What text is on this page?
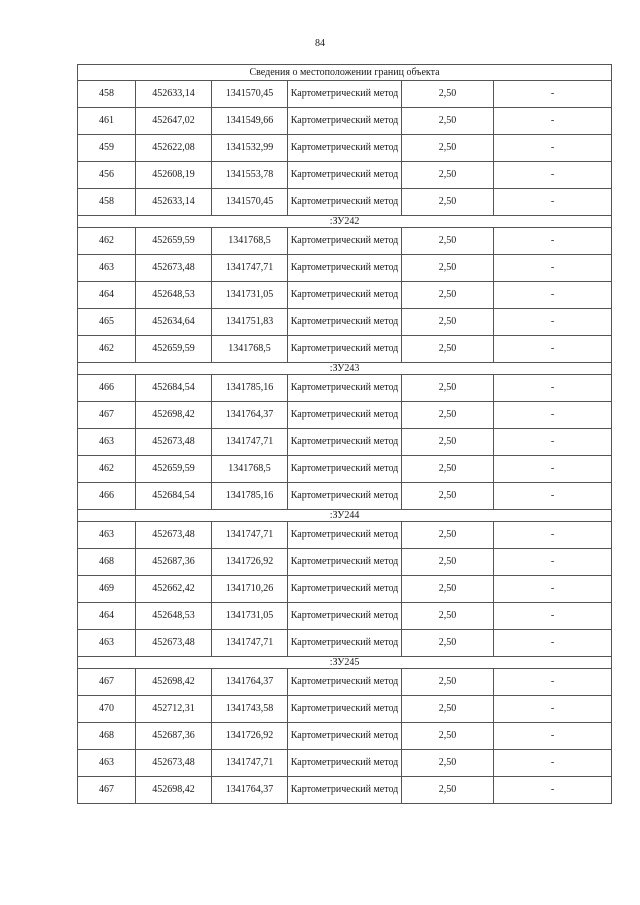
84
Сведения о местоположении границ объекта					
458	452633,14	1341570,45	Картометрический метод	2,50	-
461	452647,02	1341549,66	Картометрический метод	2,50	-
459	452622,08	1341532,99	Картометрический метод	2,50	-
456	452608,19	1341553,78	Картометрический метод	2,50	-
458	452633,14	1341570,45	Картометрический метод	2,50	-
:ЗУ242					
462	452659,59	1341768,5	Картометрический метод	2,50	-
463	452673,48	1341747,71	Картометрический метод	2,50	-
464	452648,53	1341731,05	Картометрический метод	2,50	-
465	452634,64	1341751,83	Картометрический метод	2,50	-
462	452659,59	1341768,5	Картометрический метод	2,50	-
:ЗУ243					
466	452684,54	1341785,16	Картометрический метод	2,50	-
467	452698,42	1341764,37	Картометрический метод	2,50	-
463	452673,48	1341747,71	Картометрический метод	2,50	-
462	452659,59	1341768,5	Картометрический метод	2,50	-
466	452684,54	1341785,16	Картометрический метод	2,50	-
:ЗУ244					
463	452673,48	1341747,71	Картометрический метод	2,50	-
468	452687,36	1341726,92	Картометрический метод	2,50	-
469	452662,42	1341710,26	Картометрический метод	2,50	-
464	452648,53	1341731,05	Картометрический метод	2,50	-
463	452673,48	1341747,71	Картометрический метод	2,50	-
:ЗУ245					
467	452698,42	1341764,37	Картометрический метод	2,50	-
470	452712,31	1341743,58	Картометрический метод	2,50	-
468	452687,36	1341726,92	Картометрический метод	2,50	-
463	452673,48	1341747,71	Картометрический метод	2,50	-
467	452698,42	1341764,37	Картометрический метод	2,50	-
